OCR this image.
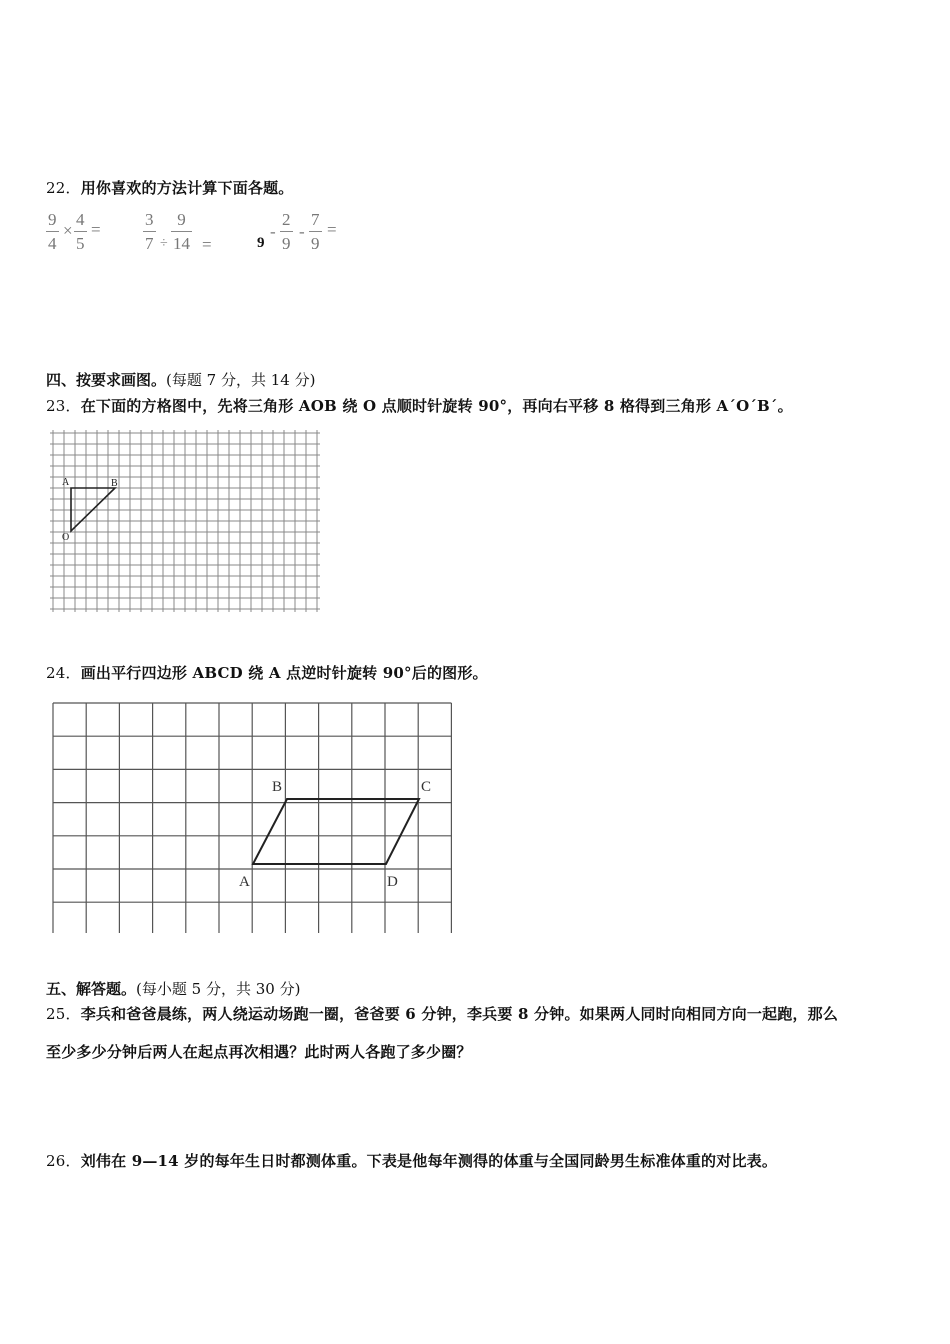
22．用你喜欢的方法计算下面各题。
9
4
×
4
5
=
3
7 ÷
9
14 =	9
-
2
9
-
7
9
=
四、按要求画图。(每题 7 分，共 14 分)
23．在下面的方格图中，先将三角形 AOB 绕 O 点顺时针旋转 90°，再向右平移 8 格得到三角形 A´O´B´。
A	B
O
24．画出平行四边形 ABCD 绕 A 点逆时针旋转 90°后的图形。
B	C
A	D
五、解答题。(每小题 5 分，共 30 分)
25．李兵和爸爸晨练，两人绕运动场跑一圈，爸爸要 6 分钟，李兵要 8 分钟。如果两人同时向相同方向一起跑，那么
至少多少分钟后两人在起点再次相遇？此时两人各跑了多少圈？
26．刘伟在 9—14 岁的每年生日时都测体重。下表是他每年测得的体重与全国同龄男生标准体重的对比表。
